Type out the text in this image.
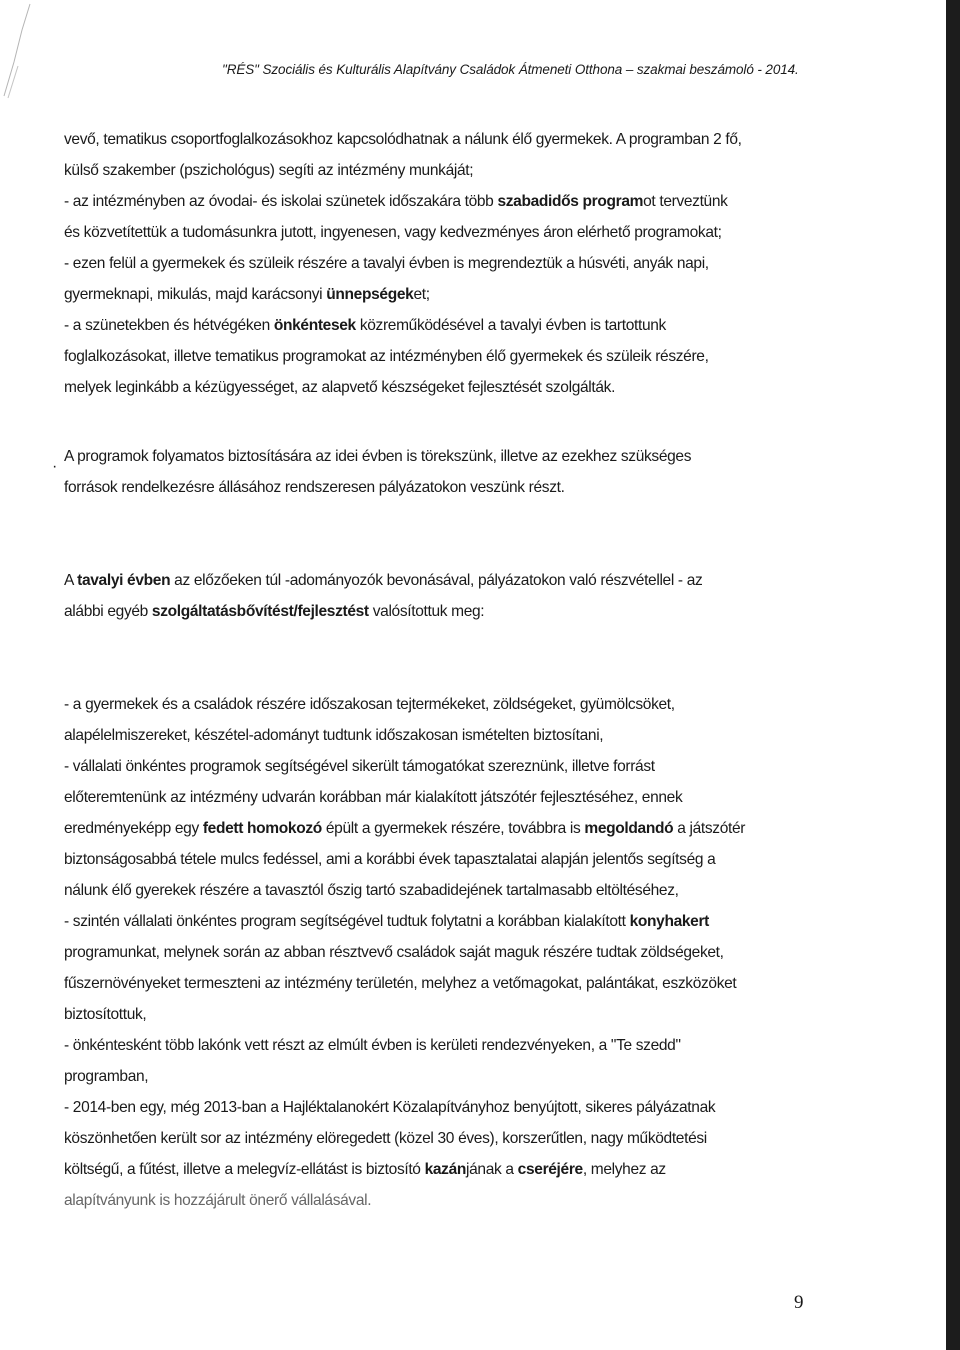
"RÉS" Szociális és Kulturális Alapítvány Családok Átmeneti Otthona – szakmai beszámoló - 2014.
·

vevő, tematikus csoportfoglalkozásokhoz kapcsolódhatnak a nálunk élő gyermekek. A programban 2 fő,
külső szakember (pszichológus) segíti az intézmény munkáját;
- az intézményben az óvodai- és iskolai szünetek időszakára több szabadidős programot terveztünk
és közvetítettük a tudomásunkra jutott, ingyenesen, vagy kedvezményes áron elérhető programokat;
- ezen felül a gyermekek és szüleik részére a tavalyi évben is megrendeztük a húsvéti, anyák napi,
gyermeknapi, mikulás, majd karácsonyi ünnepségeket;
- a szünetekben és hétvégéken önkéntesek közreműködésével a tavalyi évben is tartottunk
foglalkozásokat, illetve tematikus programokat az intézményben élő gyermekek és szüleik részére,
melyek leginkább a kézügyességet, az alapvető készségeket fejlesztését szolgálták.

A programok folyamatos biztosítására az idei évben is törekszünk, illetve az ezekhez szükséges
források rendelkezésre állásához rendszeresen pályázatokon veszünk részt.

A tavalyi évben az előzőeken túl -adományozók bevonásával, pályázatokon való részvétellel - az
alábbi egyéb szolgáltatásbővítést/fejlesztést valósítottuk meg:

- a gyermekek és a családok részére időszakosan tejtermékeket, zöldségeket, gyümölcsöket,
alapélelmiszereket, készétel-adományt tudtunk időszakosan ismételten biztosítani,
- vállalati önkéntes programok segítségével sikerült támogatókat szereznünk, illetve forrást
előteremtenünk az intézmény udvarán korábban már kialakított játszótér fejlesztéséhez, ennek
eredményeképp egy fedett homokozó épült a gyermekek részére, továbbra is megoldandó a játszótér
biztonságosabbá tétele mulcs fedéssel, ami a korábbi évek tapasztalatai alapján jelentős segítség a
nálunk élő gyerekek részére a tavasztól őszig tartó szabadidejének tartalmasabb eltöltéséhez,
- szintén vállalati önkéntes program segítségével tudtuk folytatni a korábban kialakított konyhakert
programunkat, melynek során az abban résztvevő családok saját maguk részére tudtak zöldségeket,
fűszernövényeket termeszteni az intézmény területén, melyhez a vetőmagokat, palántákat, eszközöket
biztosítottuk,
- önkéntesként több lakónk vett részt az elmúlt évben is kerületi rendezvényeken, a "Te szedd"
programban,
- 2014-ben egy, még 2013-ban a Hajléktalanokért Közalapítványhoz benyújtott, sikeres pályázatnak
köszönhetően került sor az intézmény elöregedett (közel 30 éves), korszerűtlen, nagy működtetési
költségű, a fűtést, illetve a melegvíz-ellátást is biztosító kazánjának a cseréjére, melyhez az
alapítványunk is hozzájárult önerő vállalásával.

9
